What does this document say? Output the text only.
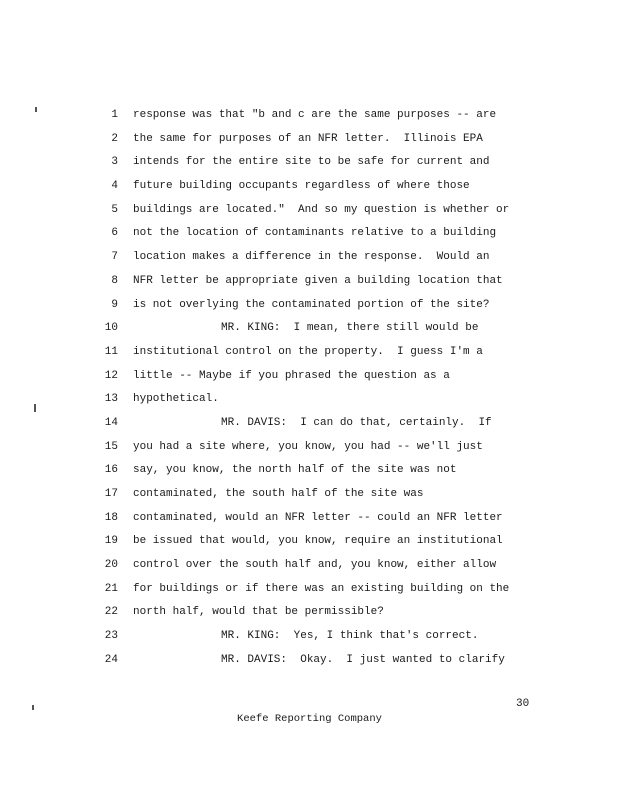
1 response was that "b and c are the same purposes -- are
2 the same for purposes of an NFR letter.  Illinois EPA
3 intends for the entire site to be safe for current and
4 future building occupants regardless of where those
5 buildings are located."  And so my question is whether or
6 not the location of contaminants relative to a building
7 location makes a difference in the response.  Would an
8 NFR letter be appropriate given a building location that
9 is not overlying the contaminated portion of the site?
10	MR. KING:  I mean, there still would be
11 institutional control on the property.  I guess I'm a
12 little -- Maybe if you phrased the question as a
13 hypothetical.
14	MR. DAVIS:  I can do that, certainly.  If
15 you had a site where, you know, you had -- we'll just
16 say, you know, the north half of the site was not
17 contaminated, the south half of the site was
18 contaminated, would an NFR letter -- could an NFR letter
19 be issued that would, you know, require an institutional
20 control over the south half and, you know, either allow
21 for buildings or if there was an existing building on the
22 north half, would that be permissible?
23	MR. KING:  Yes, I think that's correct.
24	MR. DAVIS:  Okay.  I just wanted to clarify
30
Keefe Reporting Company
